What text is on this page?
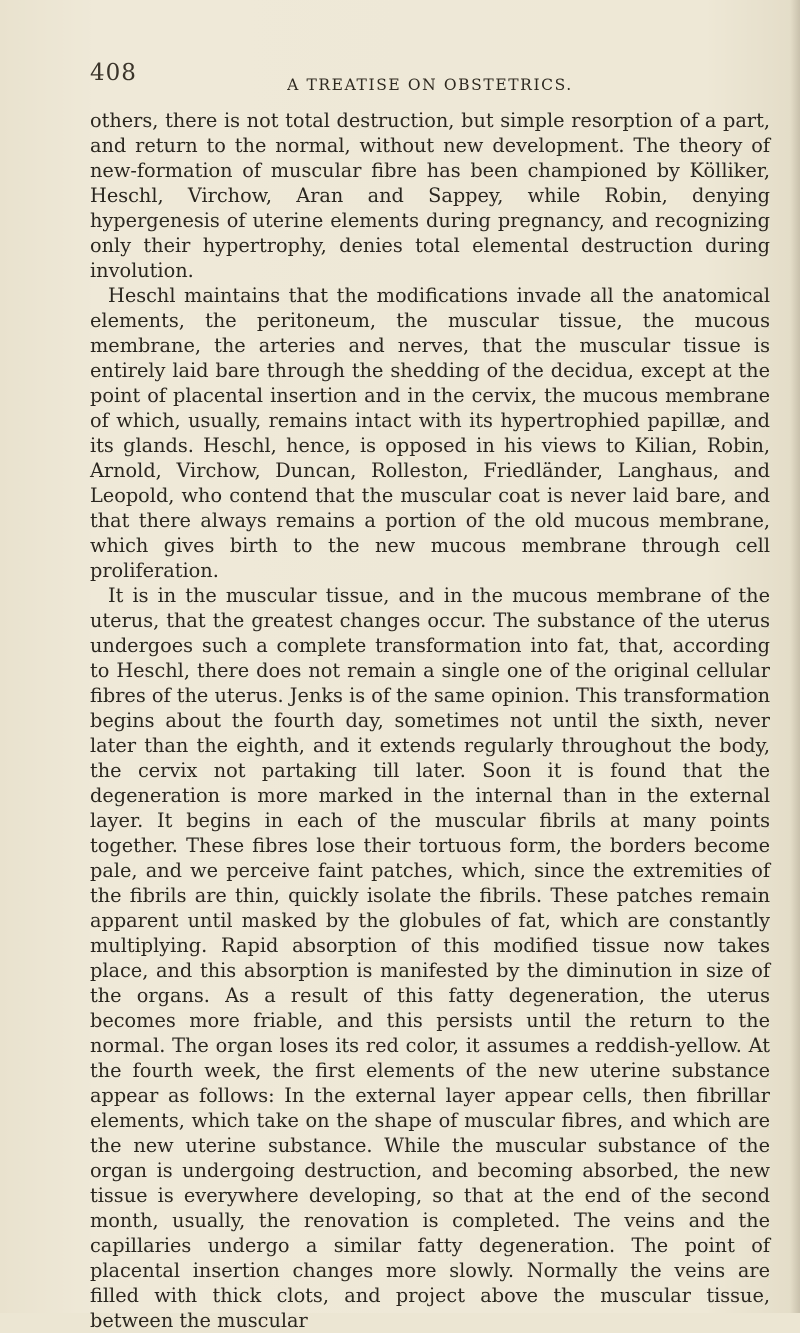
408	A TREATISE ON OBSTETRICS.

others, there is not total destruction, but simple resorption of a part, and return to the normal, without new development. The theory of new-formation of muscular fibre has been championed by Kölliker, Heschl, Virchow, Aran and Sappey, while Robin, denying hypergenesis of uterine elements during pregnancy, and recognizing only their hypertrophy, denies total elemental destruction during involution.

Heschl maintains that the modifications invade all the anatomical elements, the peritoneum, the muscular tissue, the mucous membrane, the arteries and nerves, that the muscular tissue is entirely laid bare through the shedding of the decidua, except at the point of placental insertion and in the cervix, the mucous membrane of which, usually, remains intact with its hypertrophied papillæ, and its glands. Heschl, hence, is opposed in his views to Kilian, Robin, Arnold, Virchow, Duncan, Rolleston, Friedländer, Langhaus, and Leopold, who contend that the muscular coat is never laid bare, and that there always remains a portion of the old mucous membrane, which gives birth to the new mucous membrane through cell proliferation.

It is in the muscular tissue, and in the mucous membrane of the uterus, that the greatest changes occur. The substance of the uterus undergoes such a complete transformation into fat, that, according to Heschl, there does not remain a single one of the original cellular fibres of the uterus. Jenks is of the same opinion. This transformation begins about the fourth day, sometimes not until the sixth, never later than the eighth, and it extends regularly throughout the body, the cervix not partaking till later. Soon it is found that the degeneration is more marked in the internal than in the external layer. It begins in each of the muscular fibrils at many points together. These fibres lose their tortuous form, the borders become pale, and we perceive faint patches, which, since the extremities of the fibrils are thin, quickly isolate the fibrils. These patches remain apparent until masked by the globules of fat, which are constantly multiplying. Rapid absorption of this modified tissue now takes place, and this absorption is manifested by the diminution in size of the organs. As a result of this fatty degeneration, the uterus becomes more friable, and this persists until the return to the normal. The organ loses its red color, it assumes a reddish-yellow. At the fourth week, the first elements of the new uterine substance appear as follows: In the external layer appear cells, then fibrillar elements, which take on the shape of muscular fibres, and which are the new uterine substance. While the muscular substance of the organ is undergoing destruction, and becoming absorbed, the new tissue is everywhere developing, so that at the end of the second month, usually, the renovation is completed. The veins and the capillaries undergo a similar fatty degeneration. The point of placental insertion changes more slowly. Normally the veins are filled with thick clots, and project above the muscular tissue, between the muscular
